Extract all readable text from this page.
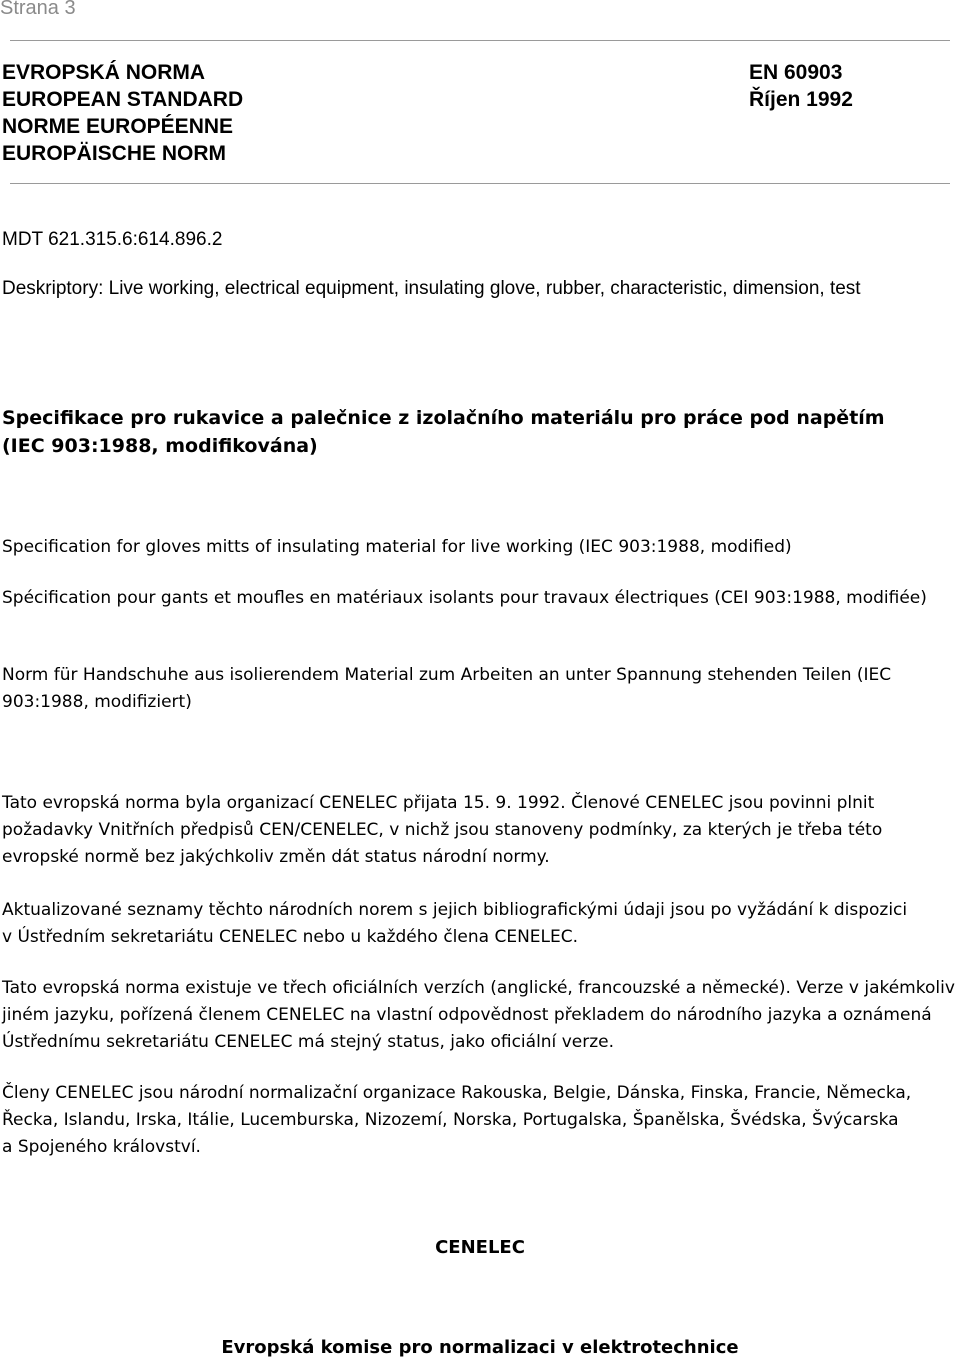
Strana 3
EVROPSKÁ NORMA
EUROPEAN STANDARD
NORME EUROPÉENNE
EUROPÄISCHE NORM
EN 60903
Říjen 1992
MDT 621.315.6:614.896.2
Deskriptory: Live working, electrical equipment, insulating glove, rubber, characteristic, dimension, test
Specifikace pro rukavice a palečnice z izolačního materiálu pro práce pod napětím (IEC 903:1988, modifikována)
Specification for gloves mitts of insulating material for live working (IEC 903:1988, modified)
Spécification pour gants et moufles en matériaux isolants pour travaux électriques (CEI 903:1988, modifiée)
Norm für Handschuhe aus isolierendem Material zum Arbeiten an unter Spannung stehenden Teilen (IEC 903:1988, modifiziert)
Tato evropská norma byla organizací CENELEC přijata 15. 9. 1992. Členové CENELEC jsou povinni plnit požadavky Vnitřních předpisů CEN/CENELEC, v nichž jsou stanoveny podmínky, za kterých je třeba této evropské normě bez jakýchkoliv změn dát status národní normy.
Aktualizované seznamy těchto národních norem s jejich bibliografickými údaji jsou po vyžádání k dispozici v Ústředním sekretariátu CENELEC nebo u každého člena CENELEC.
Tato evropská norma existuje ve třech oficiálních verzích (anglické, francouzské a německé). Verze v jakémkoliv jiném jazyku, pořízená členem CENELEC na vlastní odpovědnost překladem do národního jazyka a oznámená Ústřednímu sekretariátu CENELEC má stejný status, jako oficiální verze.
Členy CENELEC jsou národní normalizační organizace Rakouska, Belgie, Dánska, Finska, Francie, Německa, Řecka, Islandu, Irska, Itálie, Lucemburska, Nizozemí, Norska, Portugalska, Španělska, Švédska, Švýcarska a Spojeného království.
CENELEC
Evropská komise pro normalizaci v elektrotechnice
